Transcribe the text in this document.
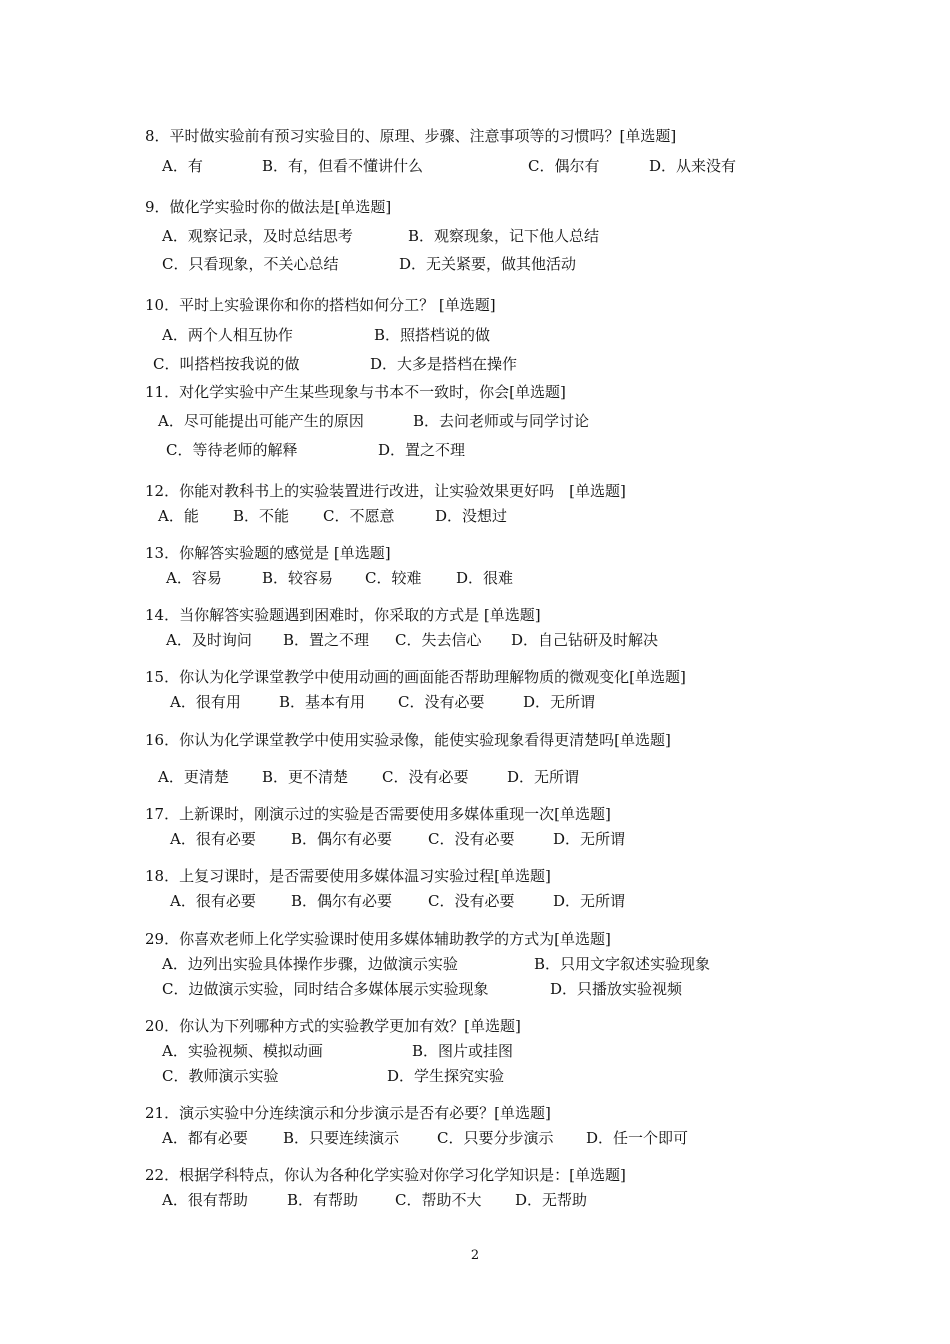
8．平时做实验前有预习实验目的、原理、步骤、注意事项等的习惯吗？[单选题]
A．有	B．有，但看不懂讲什么	C．偶尔有	D．从来没有
9．做化学实验时你的做法是[单选题]
A．观察记录，及时总结思考	B．观察现象，记下他人总结
C．只看现象，不关心总结	D．无关紧要，做其他活动
10．平时上实验课你和你的搭档如何分工？ [单选题]
A．两个人相互协作	B．照搭档说的做
C．叫搭档按我说的做	D．大多是搭档在操作
11．对化学实验中产生某些现象与书本不一致时，你会[单选题]
A．尽可能提出可能产生的原因	B．去问老师或与同学讨论
C．等待老师的解释	D．置之不理
12．你能对教科书上的实验装置进行改进，让实验效果更好吗　[单选题]
A．能 B．不能 C．不愿意	D．没想过
13．你解答实验题的感觉是 [单选题]
A．容易	B．较容易 C．较难 D．很难
14．当你解答实验题遇到困难时，你采取的方式是 [单选题]
A．及时询问 B．置之不理 C．失去信心 D．自己钻研及时解决
15．你认为化学课堂教学中使用动画的画面能否帮助理解物质的微观变化[单选题]
A．很有用	B．基本有用 C．没有必要	D．无所谓
16．你认为化学课堂教学中使用实验录像，能使实验现象看得更清楚吗[单选题]
A．更清楚 B．更不清楚 C．没有必要	D．无所谓
17．上新课时，刚演示过的实验是否需要使用多媒体重现一次[单选题]
A．很有必要 B．偶尔有必要 C．没有必要	D．无所谓
18．上复习课时，是否需要使用多媒体温习实验过程[单选题]
A．很有必要 B．偶尔有必要 C．没有必要	D．无所谓
29．你喜欢老师上化学实验课时使用多媒体辅助教学的方式为[单选题]
A．边列出实验具体操作步骤，边做演示实验	B．只用文字叙述实验现象
C．边做演示实验，同时结合多媒体展示实验现象	D．只播放实验视频
20．你认为下列哪种方式的实验教学更加有效？[单选题]
A．实验视频、模拟动画	B．图片或挂图
C．教师演示实验	D．学生探究实验
21．演示实验中分连续演示和分步演示是否有必要？[单选题]
A．都有必要 B．只要连续演示	C．只要分步演示 D．任一个即可
22．根据学科特点，你认为各种化学实验对你学习化学知识是：[单选题]
A．很有帮助	B．有帮助 C．帮助不大 D．无帮助
2
